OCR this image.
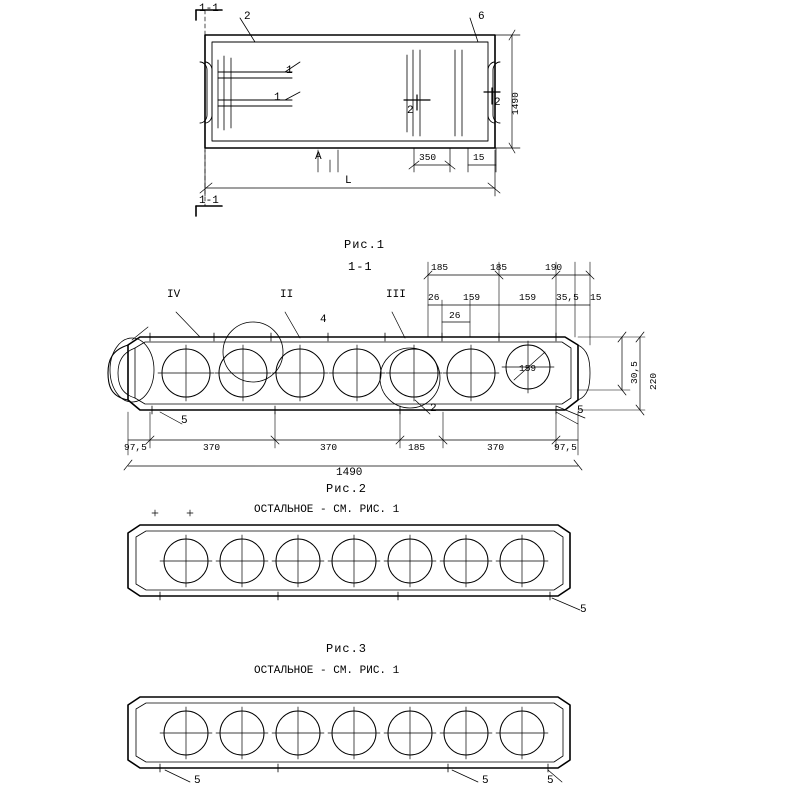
1-1
2	6
1
1
2
2 1490
350	15
A
L
1-1
Рис.1
1-1
IV	II	III
4
5
5
2
159
185	185	190
26 159	159 35,5 15
26
30,5 220
97,5	370	370	185	370	97,5
1490
Рис.2
ОСТАЛЬНОЕ - СМ. РИС. 1
5
Рис.3
ОСТАЛЬНОЕ - СМ. РИС. 1
5	5	5
